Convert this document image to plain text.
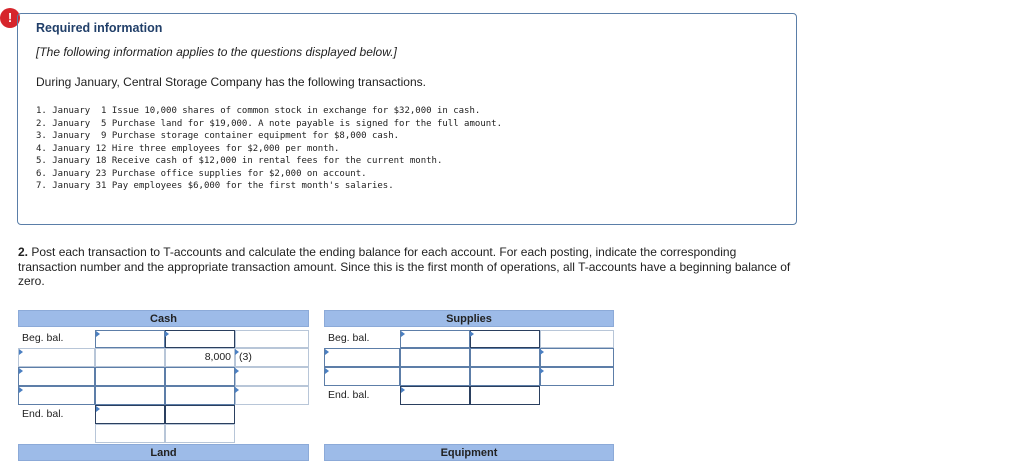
!

Required information

[The following information applies to the questions displayed below.]

During January, Central Storage Company has the following transactions.

1. January  1 Issue 10,000 shares of common stock in exchange for $32,000 in cash.
2. January  5 Purchase land for $19,000. A note payable is signed for the full amount.
3. January  9 Purchase storage container equipment for $8,000 cash.
4. January 12 Hire three employees for $2,000 per month.
5. January 18 Receive cash of $12,000 in rental fees for the current month.
6. January 23 Purchase office supplies for $2,000 on account.
7. January 31 Pay employees $6,000 for the first month's salaries.

2. Post each transaction to T-accounts and calculate the ending balance for each account. For each posting, indicate the corresponding transaction number and the appropriate transaction amount. Since this is the first month of operations, all T-accounts have a beginning balance of zero.

Cash
Beg. bal.
8,000 (3)
End. bal.
Supplies
Beg. bal.
End. bal.
Land	Equipment
